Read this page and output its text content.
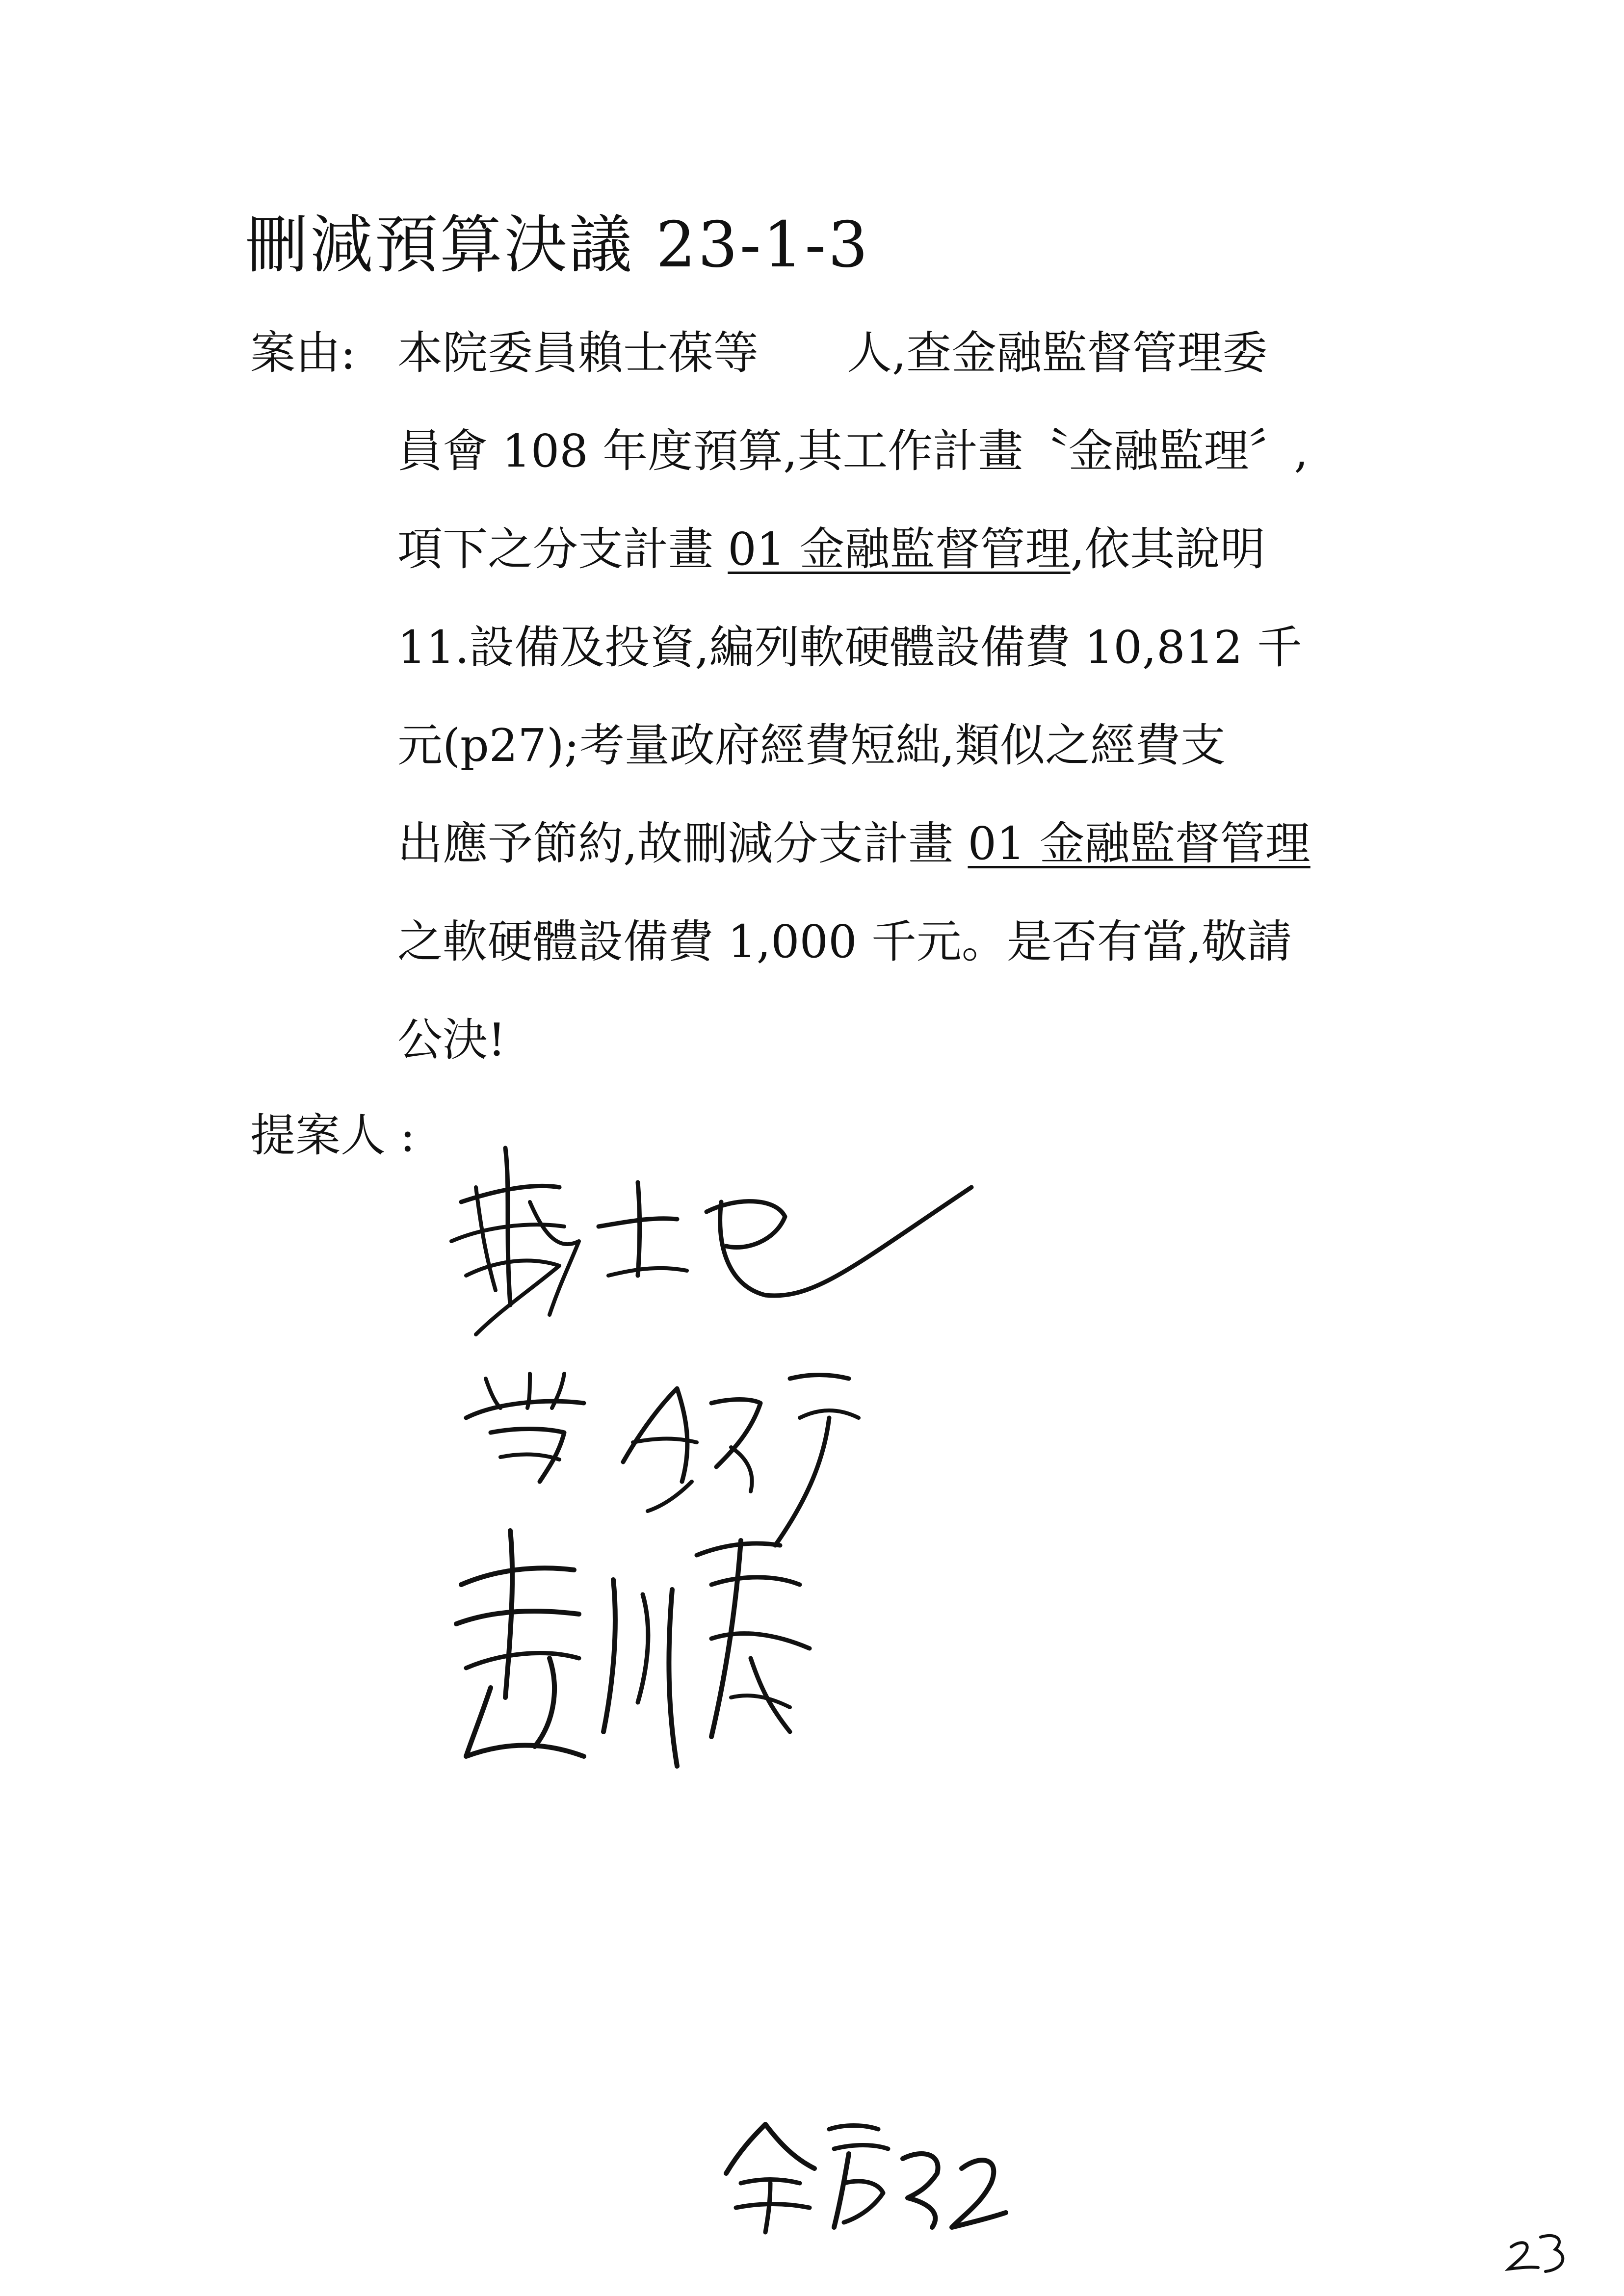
刪減預算決議 23-1-3
案由: 本院委員賴士葆等 人,查金融監督管理委
員會 108 年度預算,其工作計畫〝金融監理〞,
項下之分支計畫 01 金融監督管理,依其說明
11.設備及投資,編列軟硬體設備費 10,812 千
元(p27);考量政府經費短絀,類似之經費支
出應予節約,故刪減分支計畫 01 金融監督管理
之軟硬體設備費 1,000 千元。是否有當,敬請
公決!
提案人 :
